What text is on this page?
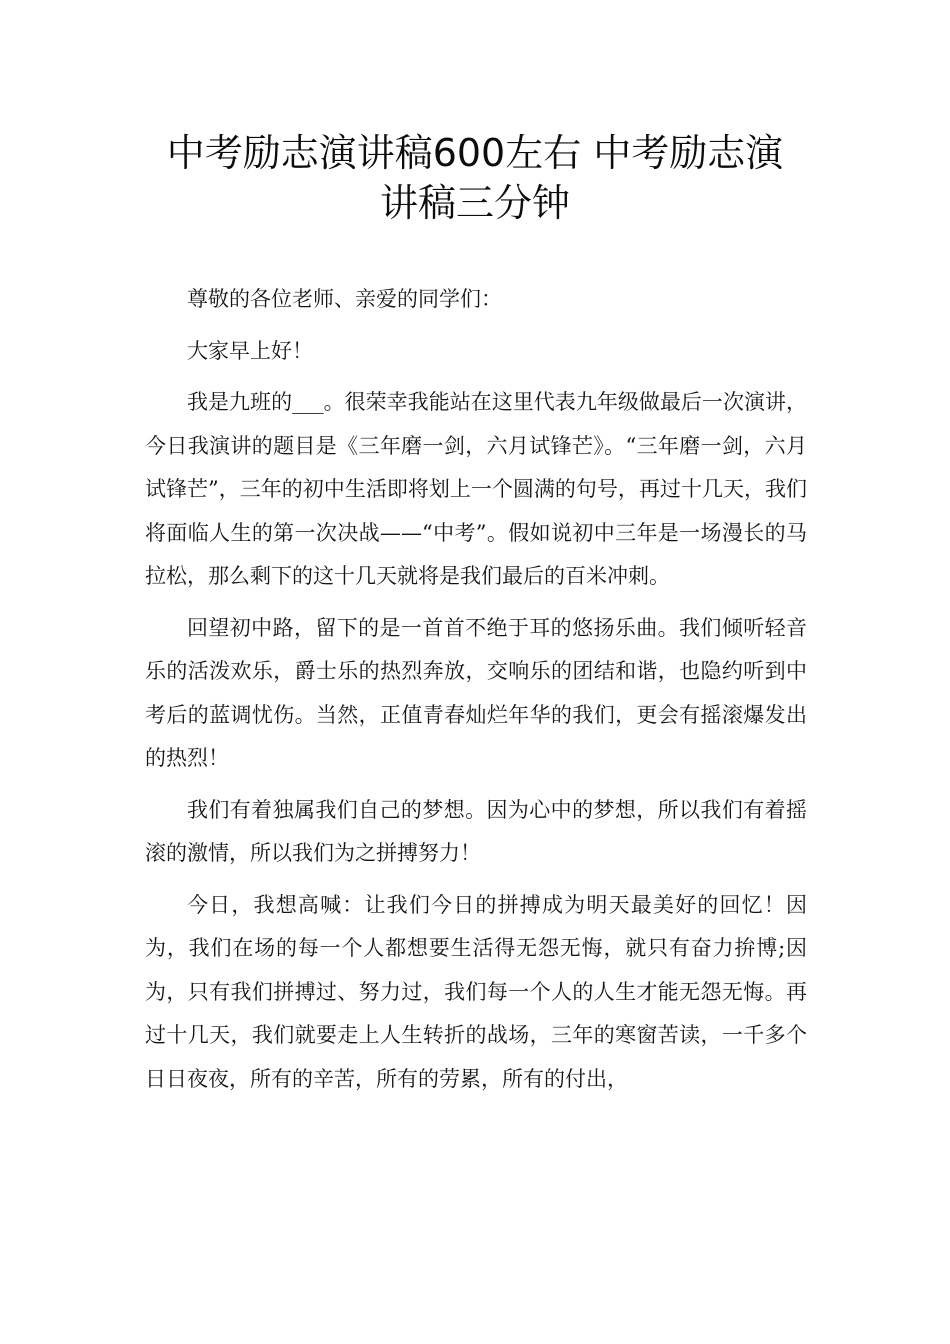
中考励志演讲稿600左右 中考励志演
讲稿三分钟

尊敬的各位老师、亲爱的同学们：

大家早上好！

我是九班的___。很荣幸我能站在这里代表九年级做最后一次演讲，今日我演讲的题目是《三年磨一剑，六月试锋芒》。“三年磨一剑，六月试锋芒”，三年的初中生活即将划上一个圆满的句号，再过十几天，我们将面临人生的第一次决战——“中考”。假如说初中三年是一场漫长的马拉松，那么剩下的这十几天就将是我们最后的百米冲刺。

回望初中路，留下的是一首首不绝于耳的悠扬乐曲。我们倾听轻音乐的活泼欢乐，爵士乐的热烈奔放，交响乐的团结和谐，也隐约听到中考后的蓝调忧伤。当然，正值青春灿烂年华的我们，更会有摇滚爆发出的热烈！

我们有着独属我们自己的梦想。因为心中的梦想，所以我们有着摇滚的激情，所以我们为之拼搏努力！

今日，我想高喊：让我们今日的拼搏成为明天最美好的回忆！因为，我们在场的每一个人都想要生活得无怨无悔，就只有奋力拚博;因为，只有我们拼搏过、努力过，我们每一个人的人生才能无怨无悔。再过十几天，我们就要走上人生转折的战场，三年的寒窗苦读，一千多个日日夜夜，所有的辛苦，所有的劳累，所有的付出，
